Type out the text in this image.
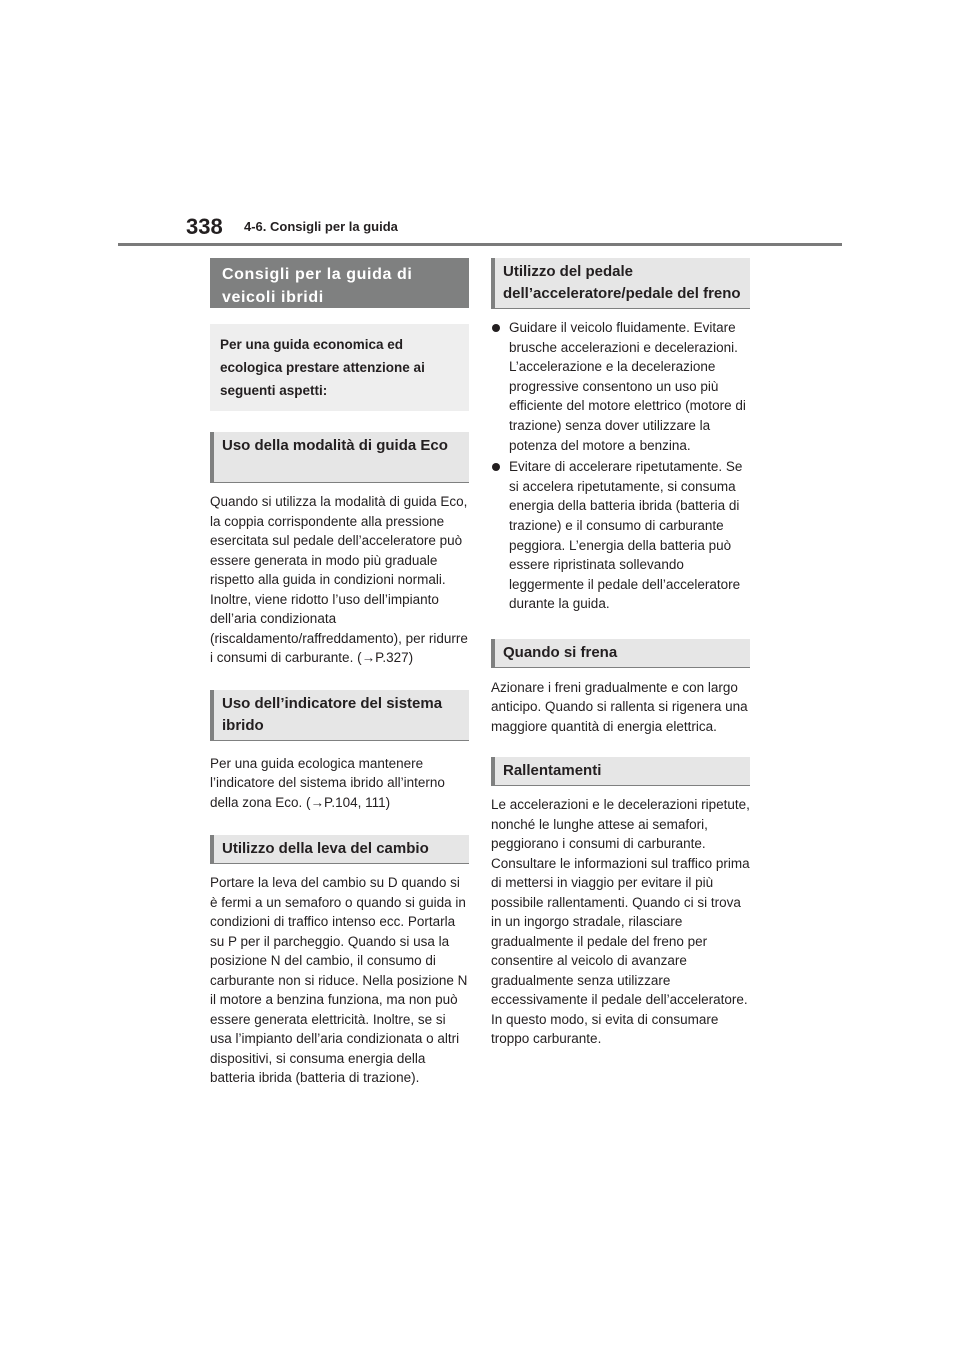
338 4-6. Consigli per la guida
Consigli per la guida di veicoli ibridi
Per una guida economica ed ecologica prestare attenzione ai seguenti aspetti:
Uso della modalità di guida Eco

Quando si utilizza la modalità di guida Eco, la coppia corrispondente alla pressione esercitata sul pedale dell’acceleratore può essere generata in modo più graduale rispetto alla guida in condizioni normali. Inoltre, viene ridotto l’uso dell’impianto dell’aria condizionata (riscaldamento/raffreddamento), per ridurre i consumi di carburante. (→P.327)

Uso dell’indicatore del sistema ibrido

Per una guida ecologica mantenere l’indicatore del sistema ibrido all’interno della zona Eco. (→P.104, 111)

Utilizzo della leva del cambio

Portare la leva del cambio su D quando si è fermi a un semaforo o quando si guida in condizioni di traffico intenso ecc. Portarla su P per il parcheggio. Quando si usa la posizione N del cambio, il consumo di carburante non si riduce. Nella posizione N il motore a benzina funziona, ma non può essere generata elettricità. Inoltre, se si usa l’impianto dell’aria condizionata o altri dispositivi, si consuma energia della batteria ibrida (batteria di trazione).

Utilizzo del pedale dell’acceleratore/pedale del freno
Guidare il veicolo fluidamente. Evitare brusche accelerazioni e decelerazioni. L’accelerazione e la decelerazione progressive consentono un uso più efficiente del motore elettrico (motore di trazione) senza dover utilizzare la potenza del motore a benzina.
Evitare di accelerare ripetutamente. Se si accelera ripetutamente, si consuma energia della batteria ibrida (batteria di trazione) e il consumo di carburante peggiora. L’energia della batteria può essere ripristinata sollevando leggermente il pedale dell’acceleratore durante la guida.
Quando si frena

Azionare i freni gradualmente e con largo anticipo. Quando si rallenta si rigenera una maggiore quantità di energia elettrica.

Rallentamenti

Le accelerazioni e le decelerazioni ripetute, nonché le lunghe attese ai semafori, peggiorano i consumi di carburante. Consultare le informazioni sul traffico prima di mettersi in viaggio per evitare il più possibile rallentamenti. Quando ci si trova in un ingorgo stradale, rilasciare gradualmente il pedale del freno per consentire al veicolo di avanzare gradualmente senza utilizzare eccessivamente il pedale dell’acceleratore. In questo modo, si evita di consumare troppo carburante.
